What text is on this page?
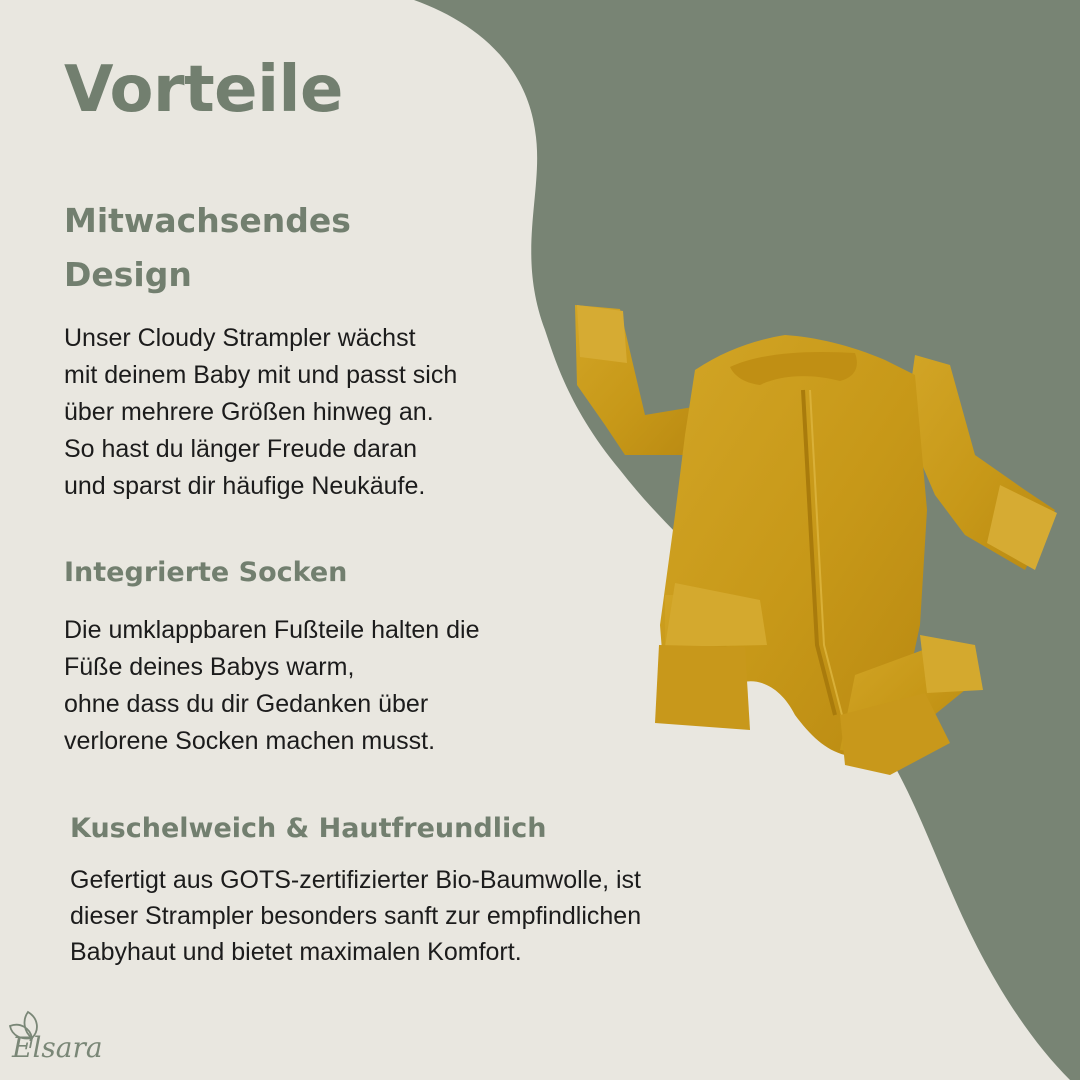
Vorteile
Mitwachsendes Design

Unser Cloudy Strampler wächst
mit deinem Baby mit und passt sich
über mehrere Größen hinweg an.
So hast du länger Freude daran
und sparst dir häufige Neukäufe.

Integrierte Socken

Die umklappbaren Fußteile halten die
Füße deines Babys warm,
ohne dass du dir Gedanken über
verlorene Socken machen musst.

Kuschelweich & Hautfreundlich

Gefertigt aus GOTS-zertifizierter Bio-Baumwolle, ist
dieser Strampler besonders sanft zur empfindlichen
Babyhaut und bietet maximalen Komfort.

Elsara
